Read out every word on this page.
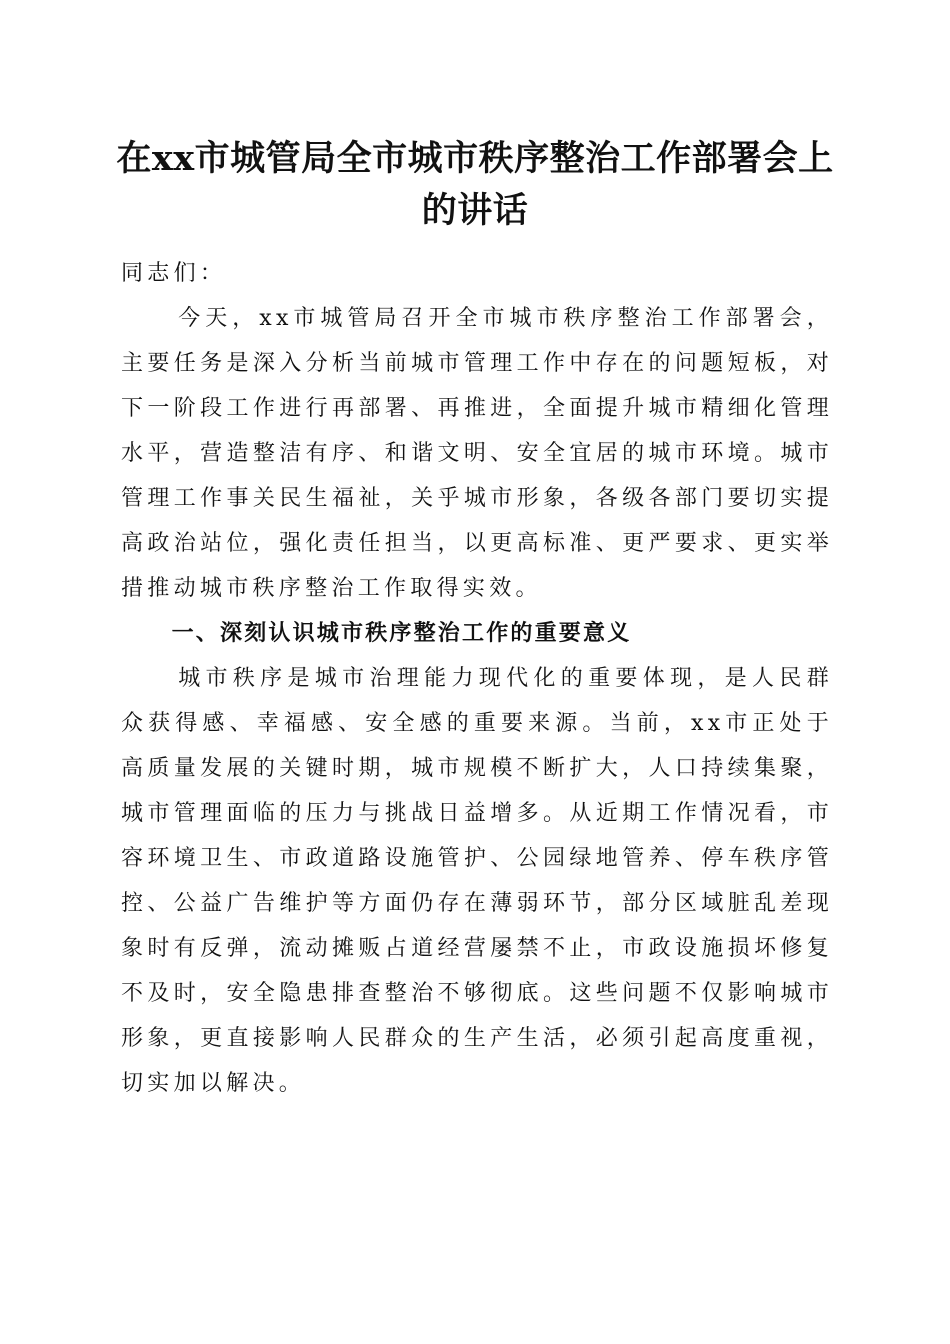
在xx市城管局全市城市秩序整治工作部署会上的讲话

同志们：

今天，xx市城管局召开全市城市秩序整治工作部署会，主要任务是深入分析当前城市管理工作中存在的问题短板，对下一阶段工作进行再部署、再推进，全面提升城市精细化管理水平，营造整洁有序、和谐文明、安全宜居的城市环境。城市管理工作事关民生福祉，关乎城市形象，各级各部门要切实提高政治站位，强化责任担当，以更高标准、更严要求、更实举措推动城市秩序整治工作取得实效。

一、深刻认识城市秩序整治工作的重要意义

城市秩序是城市治理能力现代化的重要体现，是人民群众获得感、幸福感、安全感的重要来源。当前，xx市正处于高质量发展的关键时期，城市规模不断扩大，人口持续集聚，城市管理面临的压力与挑战日益增多。从近期工作情况看，市容环境卫生、市政道路设施管护、公园绿地管养、停车秩序管控、公益广告维护等方面仍存在薄弱环节，部分区域脏乱差现象时有反弹，流动摊贩占道经营屡禁不止，市政设施损坏修复不及时，安全隐患排查整治不够彻底。这些问题不仅影响城市形象，更直接影响人民群众的生产生活，必须引起高度重视，切实加以解决。
